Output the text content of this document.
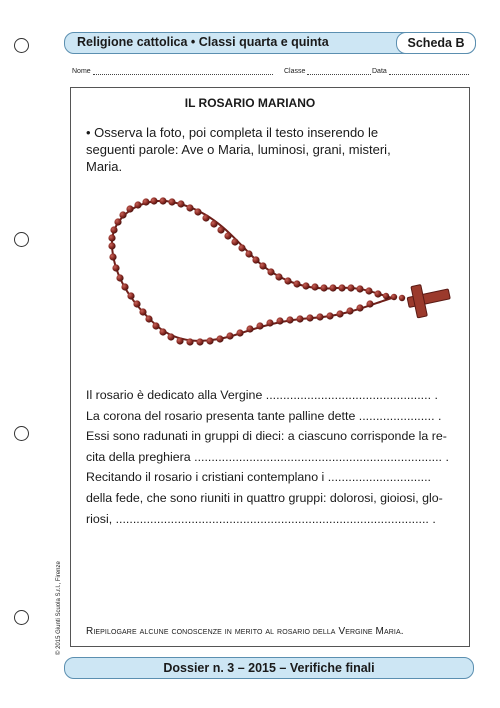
Religione cattolica • Classi quarta e quinta	Scheda B
Nome	Classe	Data
IL ROSARIO MARIANO
• Osserva la foto, poi completa il testo inserendo le seguenti parole: Ave o Maria, luminosi, grani, misteri, Maria.
Il rosario è dedicato alla Vergine ................................................ .
La corona del rosario presenta tante palline dette ...................... .
Essi sono radunati in gruppi di dieci: a ciascuno corrisponde la re-
cita della preghiera ........................................................................ .
Recitando il rosario i cristiani contemplano i ..............................
della fede, che sono riuniti in quattro gruppi: dolorosi, gioiosi, glo-
riosi, ........................................................................................... .
Riepilogare alcune conoscenze in merito al rosario della Vergine Maria.
© 2015 Giunti Scuola S.r.l., Firenze
Dossier n. 3 – 2015 – Verifiche finali
